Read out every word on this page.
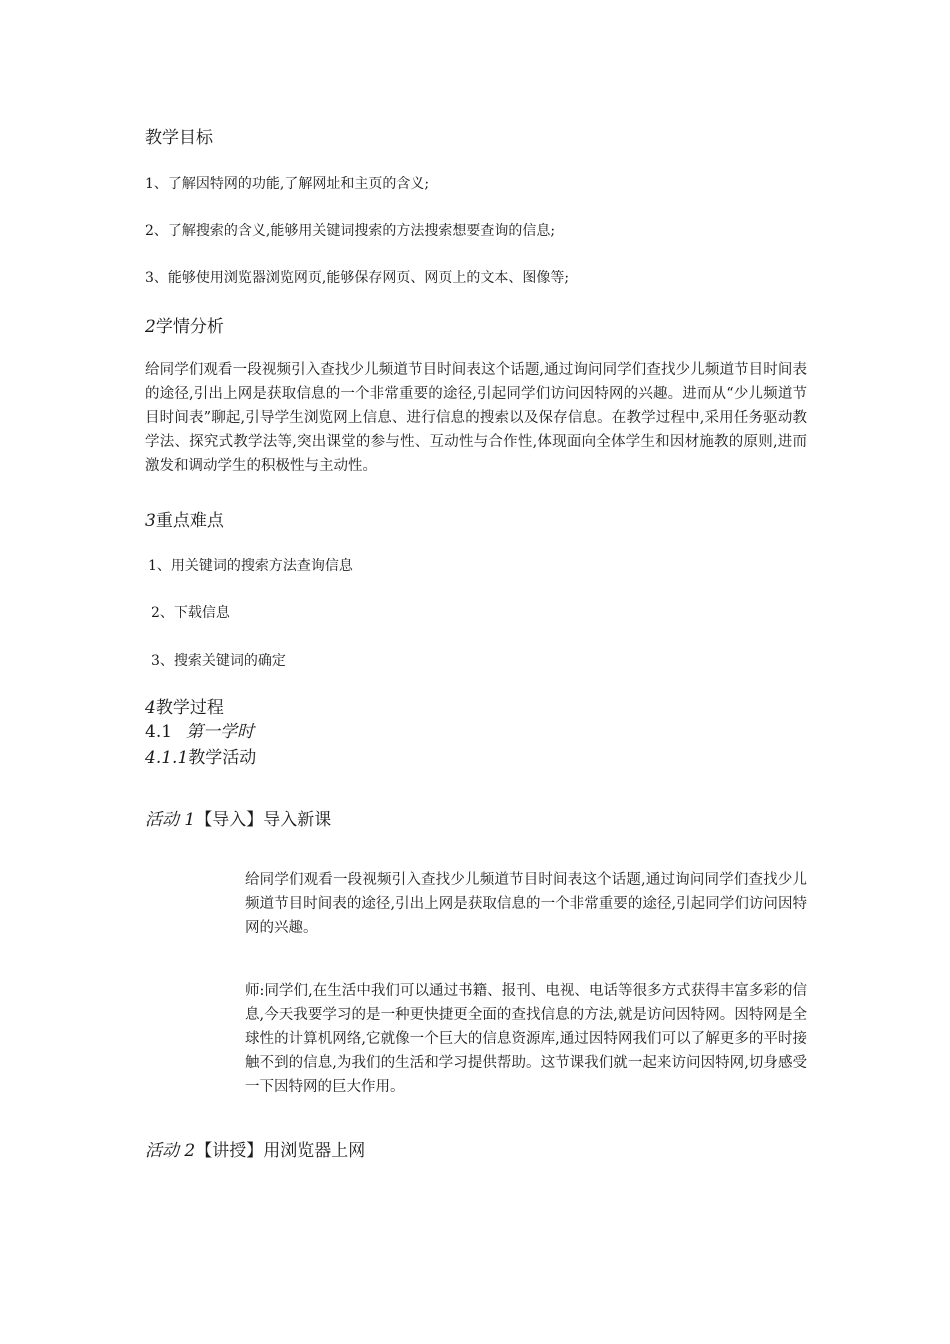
教学目标
1、了解因特网的功能,了解网址和主页的含义;
2、了解搜索的含义,能够用关键词搜索的方法搜索想要查询的信息;
3、能够使用浏览器浏览网页,能够保存网页、网页上的文本、图像等;
2学情分析
给同学们观看一段视频引入查找少儿频道节目时间表这个话题,通过询问同学们查找少儿频道节目时间表的途径,引出上网是获取信息的一个非常重要的途径,引起同学们访问因特网的兴趣。进而从“少儿频道节目时间表”聊起,引导学生浏览网上信息、进行信息的搜索以及保存信息。在教学过程中,采用任务驱动教学法、探究式教学法等,突出课堂的参与性、互动性与合作性,体现面向全体学生和因材施教的原则,进而激发和调动学生的积极性与主动性。
3重点难点
1、用关键词的搜索方法查询信息
2、下载信息
3、搜索关键词的确定
4教学过程
4.1 第一学时
4.1.1教学活动
活动 1【导入】导入新课
给同学们观看一段视频引入查找少儿频道节目时间表这个话题,通过询问同学们查找少儿频道节目时间表的途径,引出上网是获取信息的一个非常重要的途径,引起同学们访问因特网的兴趣。
师:同学们,在生活中我们可以通过书籍、报刊、电视、电话等很多方式获得丰富多彩的信息,今天我要学习的是一种更快捷更全面的查找信息的方法,就是访问因特网。因特网是全球性的计算机网络,它就像一个巨大的信息资源库,通过因特网我们可以了解更多的平时接触不到的信息,为我们的生活和学习提供帮助。这节课我们就一起来访问因特网,切身感受一下因特网的巨大作用。
活动 2【讲授】用浏览器上网
